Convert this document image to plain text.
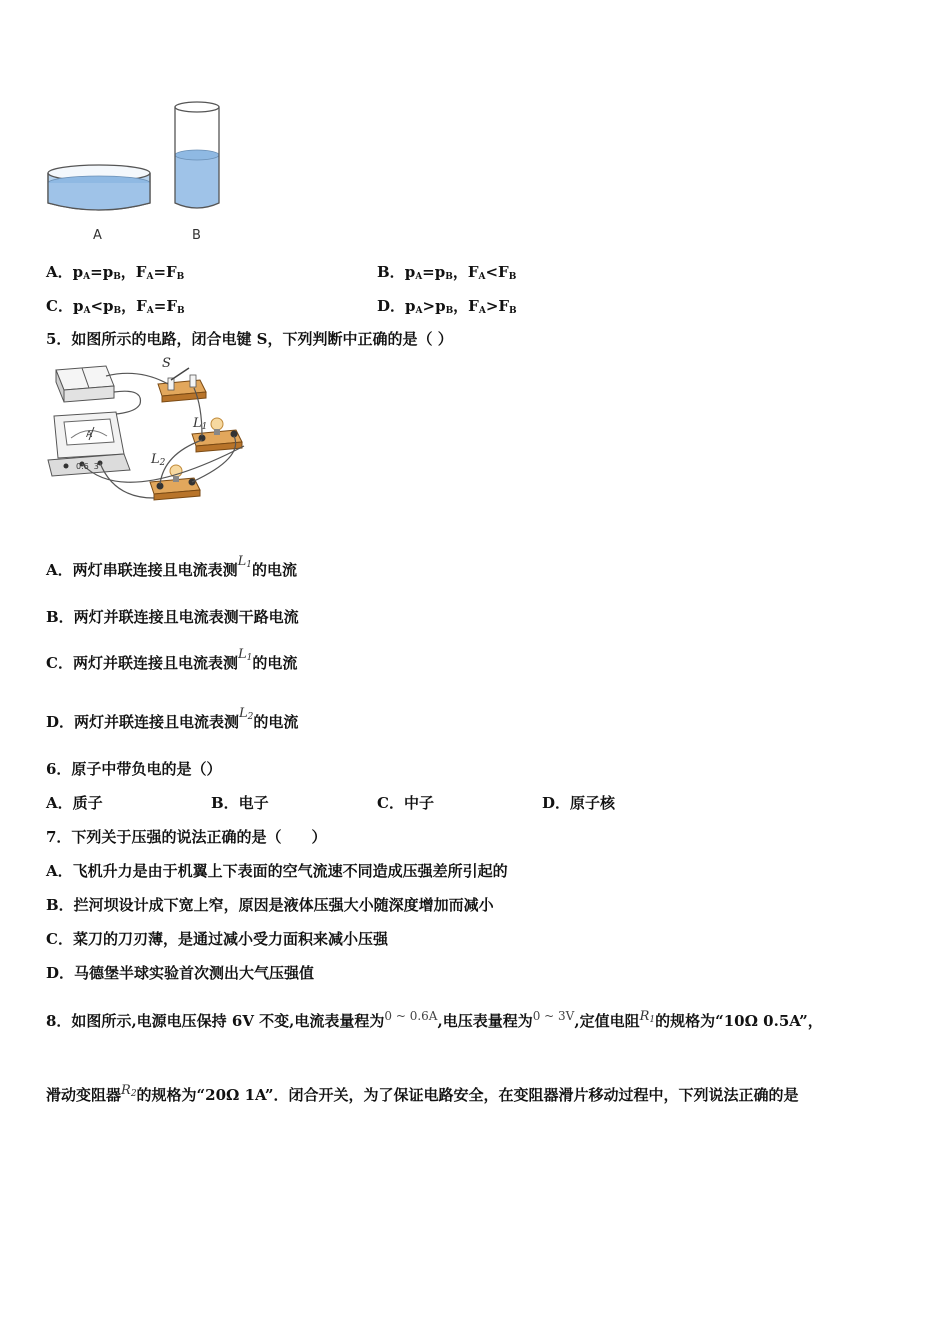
A	B
A．$p_A=p_B$，$F_A=F_B$	B．$p_A=p_B$，$F_A<F_B$
C．$p_A<p_B$，$F_A=F_B$	D．$p_A>p_B$，$F_A>F_B$
5．如图所示的电路，闭合电键 S，下列判断中正确的是（ ）
S
$L_1$
$L_2$
A
0.6  3
A．两灯串联连接且电流表测$L_1$的电流
B．两灯并联连接且电流表测干路电流
C．两灯并联连接且电流表测$L_1$的电流
D．两灯并联连接且电流表测$L_2$的电流
6．原子中带负电的是（）
A．质子	B．电子	C．中子	D．原子核
7．下列关于压强的说法正确的是（　　）
A．飞机升力是由于机翼上下表面的空气流速不同造成压强差所引起的
B．拦河坝设计成下宽上窄，原因是液体压强大小随深度增加而减小
C．菜刀的刀刃薄，是通过减小受力面积来减小压强
D．马德堡半球实验首次测出大气压强值
8．如图所示,电源电压保持 6V 不变,电流表量程为$^{0 \sim 0.6A}$,电压表量程为$^{0 \sim 3V}$,定值电阻$R_1$的规格为“10Ω 0.5A”，
滑动变阻器$R_2$的规格为“20Ω 1A”．闭合开关，为了保证电路安全，在变阻器滑片移动过程中，下列说法正确的是
